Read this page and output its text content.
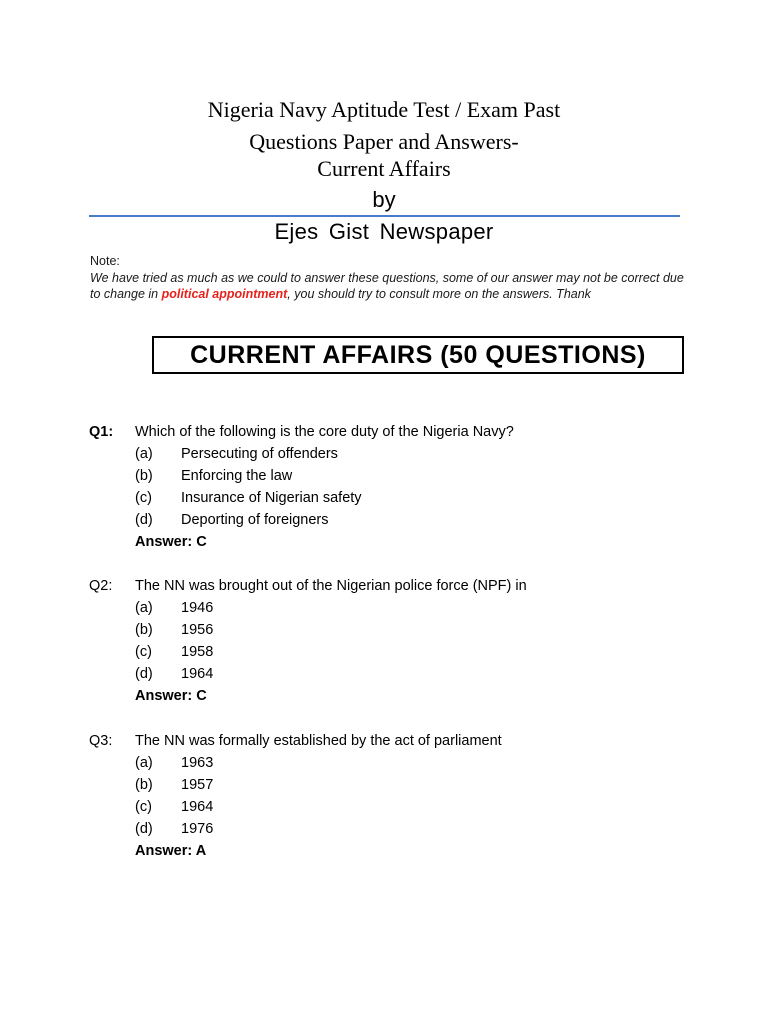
Nigeria Navy Aptitude Test / Exam Past
Questions Paper and Answers-
Current Affairs
by
Ejes Gist Newspaper
Note:
We have tried as much as we could to answer these questions, some of our answer may not be correct due to change in political appointment, you should try to consult more on the answers. Thank
CURRENT AFFAIRS (50 QUESTIONS)
Q1: Which of the following is the core duty of the Nigeria Navy?
(a) Persecuting of offenders
(b) Enforcing the law
(c) Insurance of Nigerian safety
(d) Deporting of foreigners
Answer: C
Q2: The NN was brought out of the Nigerian police force (NPF) in
(a) 1946
(b) 1956
(c) 1958
(d) 1964
Answer: C
Q3: The NN was formally established by the act of parliament
(a) 1963
(b) 1957
(c) 1964
(d) 1976
Answer: A
